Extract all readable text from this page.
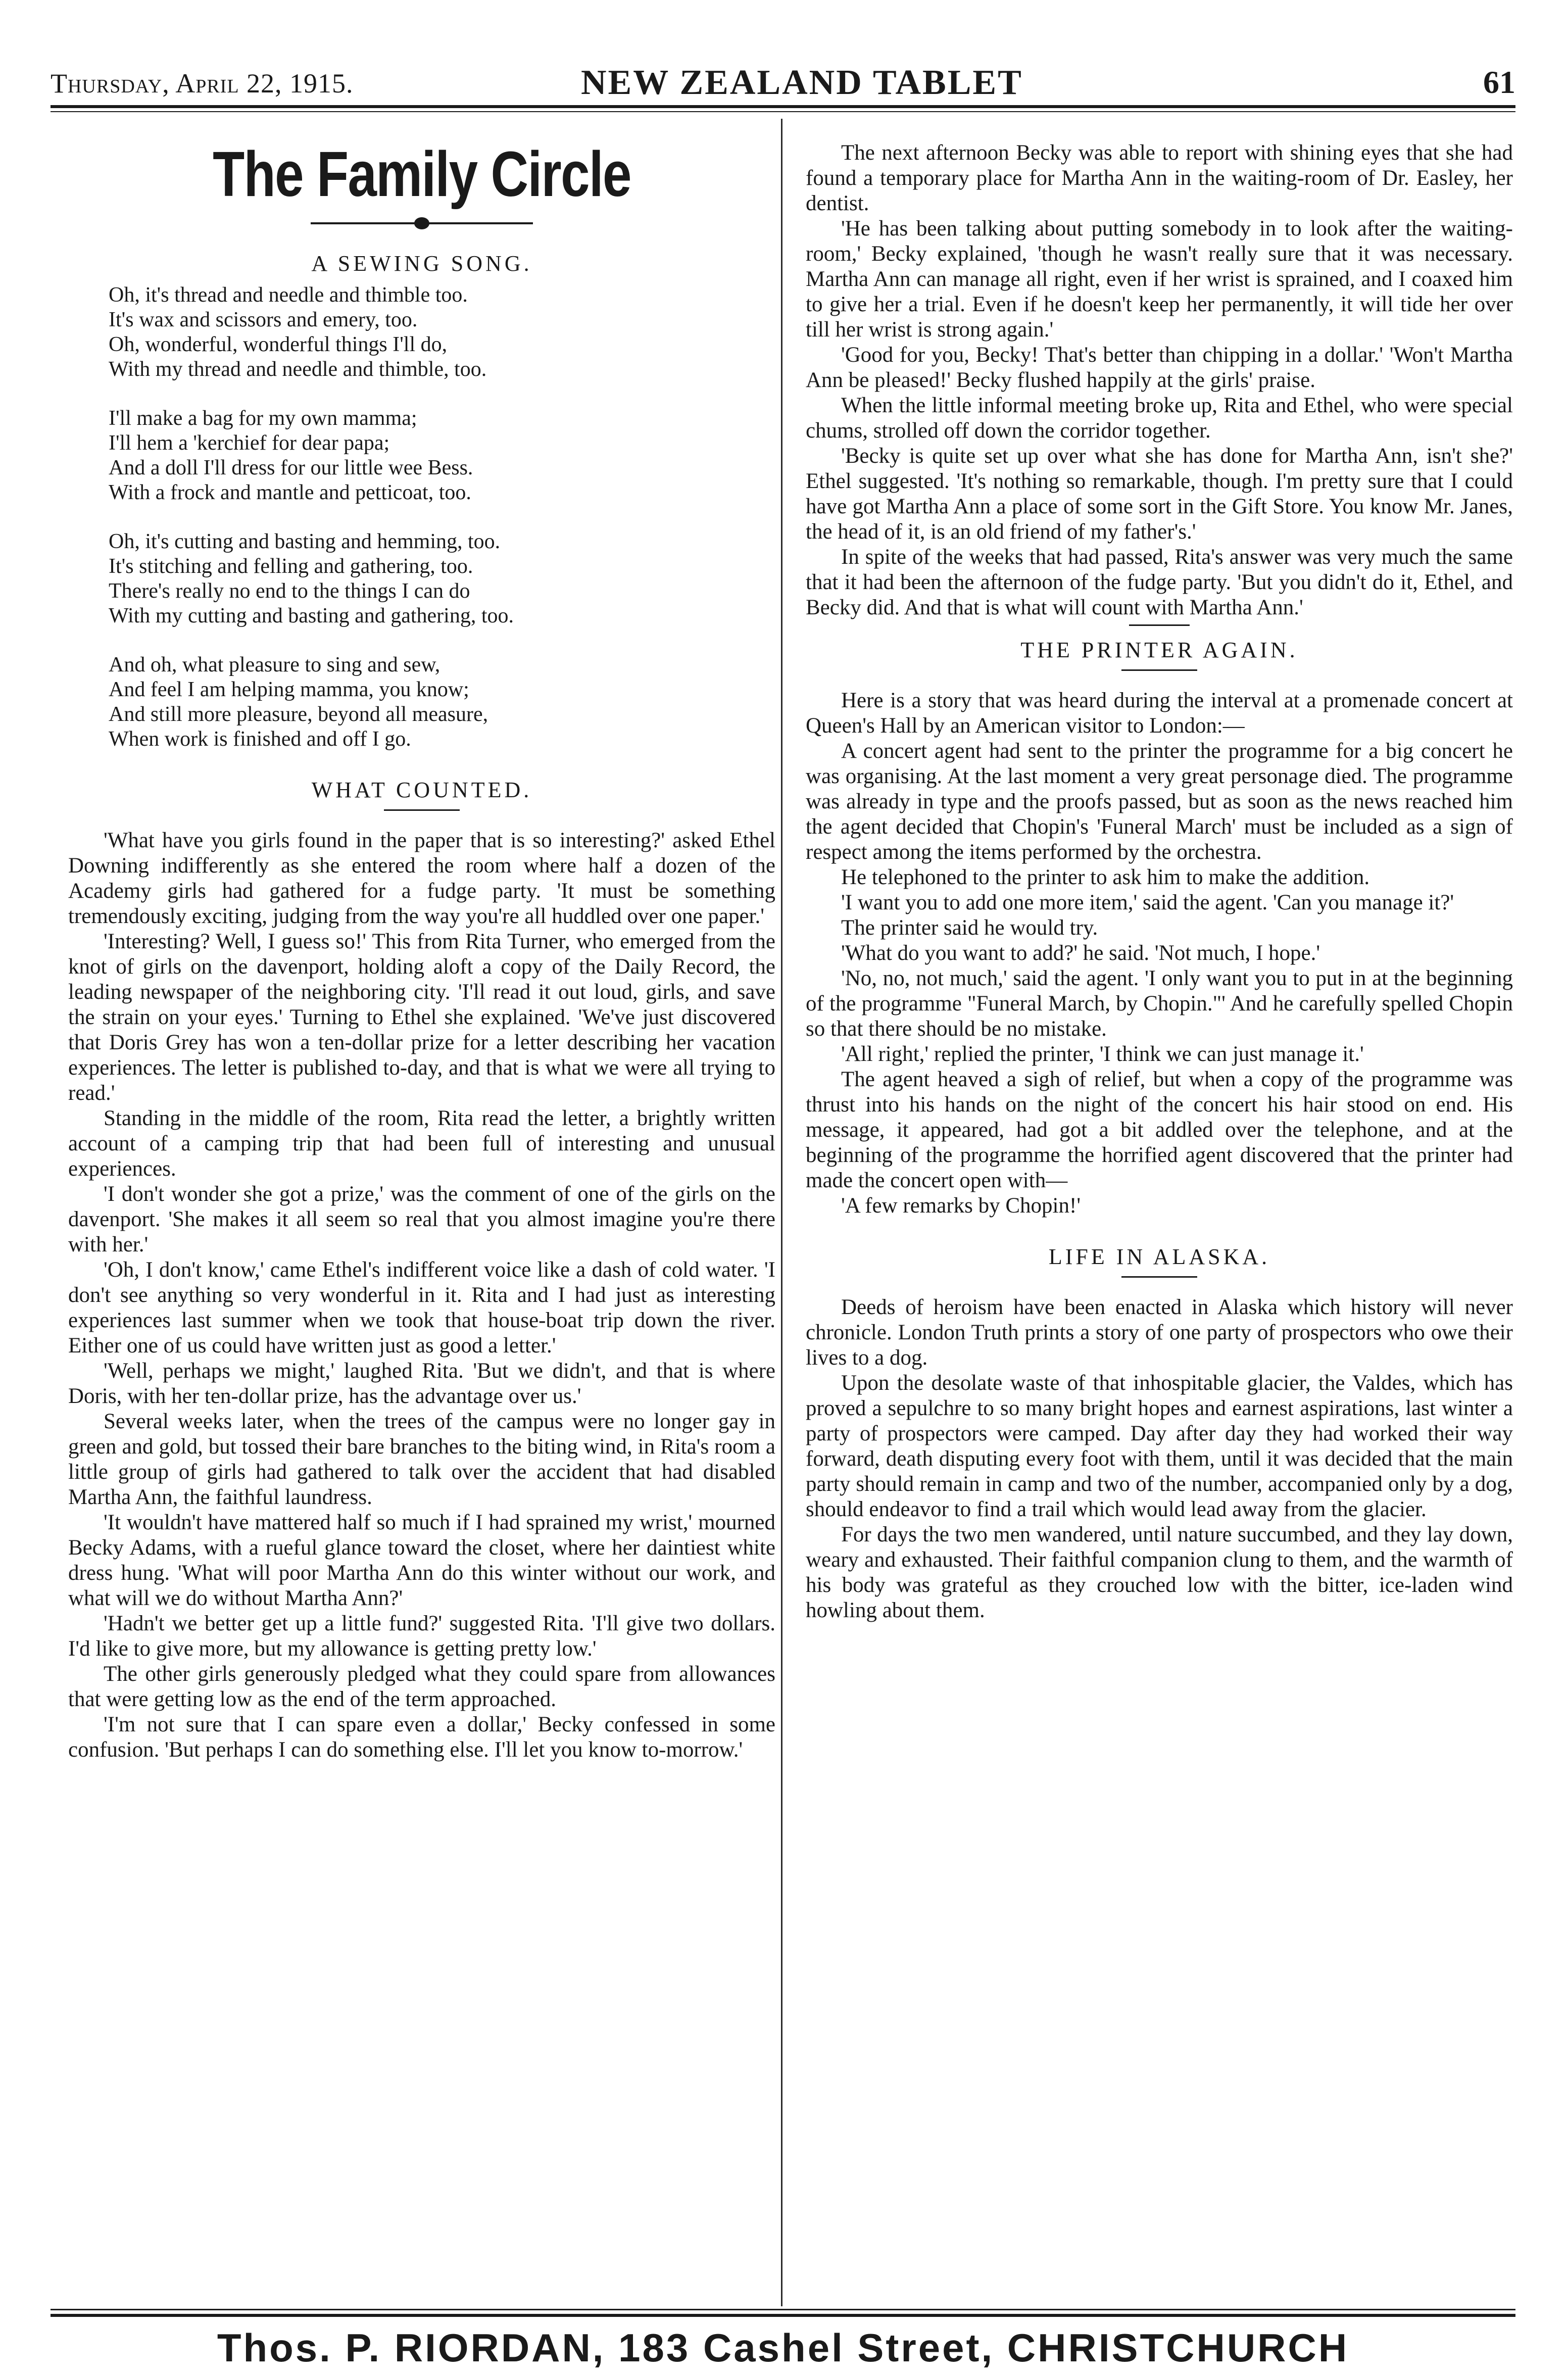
Thursday, April 22, 1915.	NEW ZEALAND TABLET	61
The Family Circle
A SEWING SONG.

Oh, it's thread and needle and thimble too.

It's wax and scissors and emery, too.

Oh, wonderful, wonderful things I'll do,

With my thread and needle and thimble, too.

I'll make a bag for my own mamma;

I'll hem a 'kerchief for dear papa;

And a doll I'll dress for our little wee Bess.

With a frock and mantle and petticoat, too.

Oh, it's cutting and basting and hemming, too.

It's stitching and felling and gathering, too.

There's really no end to the things I can do

With my cutting and basting and gathering, too.

And oh, what pleasure to sing and sew,

And feel I am helping mamma, you know;

And still more pleasure, beyond all measure,

When work is finished and off I go.

WHAT COUNTED.

'What have you girls found in the paper that is so interesting?' asked Ethel Downing indifferently as she entered the room where half a dozen of the Academy girls had gathered for a fudge party. 'It must be something tremendously exciting, judging from the way you're all huddled over one paper.'

'Interesting? Well, I guess so!' This from Rita Turner, who emerged from the knot of girls on the davenport, holding aloft a copy of the Daily Record, the leading newspaper of the neighboring city. 'I'll read it out loud, girls, and save the strain on your eyes.' Turning to Ethel she explained. 'We've just discovered that Doris Grey has won a ten-dollar prize for a letter describing her vacation experiences. The letter is published to-day, and that is what we were all trying to read.'

Standing in the middle of the room, Rita read the letter, a brightly written account of a camping trip that had been full of interesting and unusual experiences.

'I don't wonder she got a prize,' was the comment of one of the girls on the davenport. 'She makes it all seem so real that you almost imagine you're there with her.'

'Oh, I don't know,' came Ethel's indifferent voice like a dash of cold water. 'I don't see anything so very wonderful in it. Rita and I had just as interesting experiences last summer when we took that house-boat trip down the river. Either one of us could have written just as good a letter.'

'Well, perhaps we might,' laughed Rita. 'But we didn't, and that is where Doris, with her ten-dollar prize, has the advantage over us.'

Several weeks later, when the trees of the campus were no longer gay in green and gold, but tossed their bare branches to the biting wind, in Rita's room a little group of girls had gathered to talk over the accident that had disabled Martha Ann, the faithful laundress.

'It wouldn't have mattered half so much if I had sprained my wrist,' mourned Becky Adams, with a rueful glance toward the closet, where her daintiest white dress hung. 'What will poor Martha Ann do this winter without our work, and what will we do without Martha Ann?'

'Hadn't we better get up a little fund?' suggested Rita. 'I'll give two dollars. I'd like to give more, but my allowance is getting pretty low.'

The other girls generously pledged what they could spare from allowances that were getting low as the end of the term approached.

'I'm not sure that I can spare even a dollar,' Becky confessed in some confusion. 'But perhaps I can do something else. I'll let you know to-morrow.'

The next afternoon Becky was able to report with shining eyes that she had found a temporary place for Martha Ann in the waiting-room of Dr. Easley, her dentist.

'He has been talking about putting somebody in to look after the waiting-room,' Becky explained, 'though he wasn't really sure that it was necessary. Martha Ann can manage all right, even if her wrist is sprained, and I coaxed him to give her a trial. Even if he doesn't keep her permanently, it will tide her over till her wrist is strong again.'

'Good for you, Becky! That's better than chipping in a dollar.' 'Won't Martha Ann be pleased!' Becky flushed happily at the girls' praise.

When the little informal meeting broke up, Rita and Ethel, who were special chums, strolled off down the corridor together.

'Becky is quite set up over what she has done for Martha Ann, isn't she?' Ethel suggested. 'It's nothing so remarkable, though. I'm pretty sure that I could have got Martha Ann a place of some sort in the Gift Store. You know Mr. Janes, the head of it, is an old friend of my father's.'

In spite of the weeks that had passed, Rita's answer was very much the same that it had been the afternoon of the fudge party. 'But you didn't do it, Ethel, and Becky did. And that is what will count with Martha Ann.'

THE PRINTER AGAIN.

Here is a story that was heard during the interval at a promenade concert at Queen's Hall by an American visitor to London:—

A concert agent had sent to the printer the programme for a big concert he was organising. At the last moment a very great personage died. The programme was already in type and the proofs passed, but as soon as the news reached him the agent decided that Chopin's 'Funeral March' must be included as a sign of respect among the items performed by the orchestra.

He telephoned to the printer to ask him to make the addition.

'I want you to add one more item,' said the agent. 'Can you manage it?'

The printer said he would try.

'What do you want to add?' he said. 'Not much, I hope.'

'No, no, not much,' said the agent. 'I only want you to put in at the beginning of the programme "Funeral March, by Chopin."' And he carefully spelled Chopin so that there should be no mistake.

'All right,' replied the printer, 'I think we can just manage it.'

The agent heaved a sigh of relief, but when a copy of the programme was thrust into his hands on the night of the concert his hair stood on end. His message, it appeared, had got a bit addled over the telephone, and at the beginning of the programme the horrified agent discovered that the printer had made the concert open with—

'A few remarks by Chopin!'

LIFE IN ALASKA.

Deeds of heroism have been enacted in Alaska which history will never chronicle. London Truth prints a story of one party of prospectors who owe their lives to a dog.

Upon the desolate waste of that inhospitable glacier, the Valdes, which has proved a sepulchre to so many bright hopes and earnest aspirations, last winter a party of prospectors were camped. Day after day they had worked their way forward, death disputing every foot with them, until it was decided that the main party should remain in camp and two of the number, accompanied only by a dog, should endeavor to find a trail which would lead away from the glacier.

For days the two men wandered, until nature succumbed, and they lay down, weary and exhausted. Their faithful companion clung to them, and the warmth of his body was grateful as they crouched low with the bitter, ice-laden wind howling about them.

Thos. P. RIORDAN, 183 Cashel Street, CHRISTCHURCH
